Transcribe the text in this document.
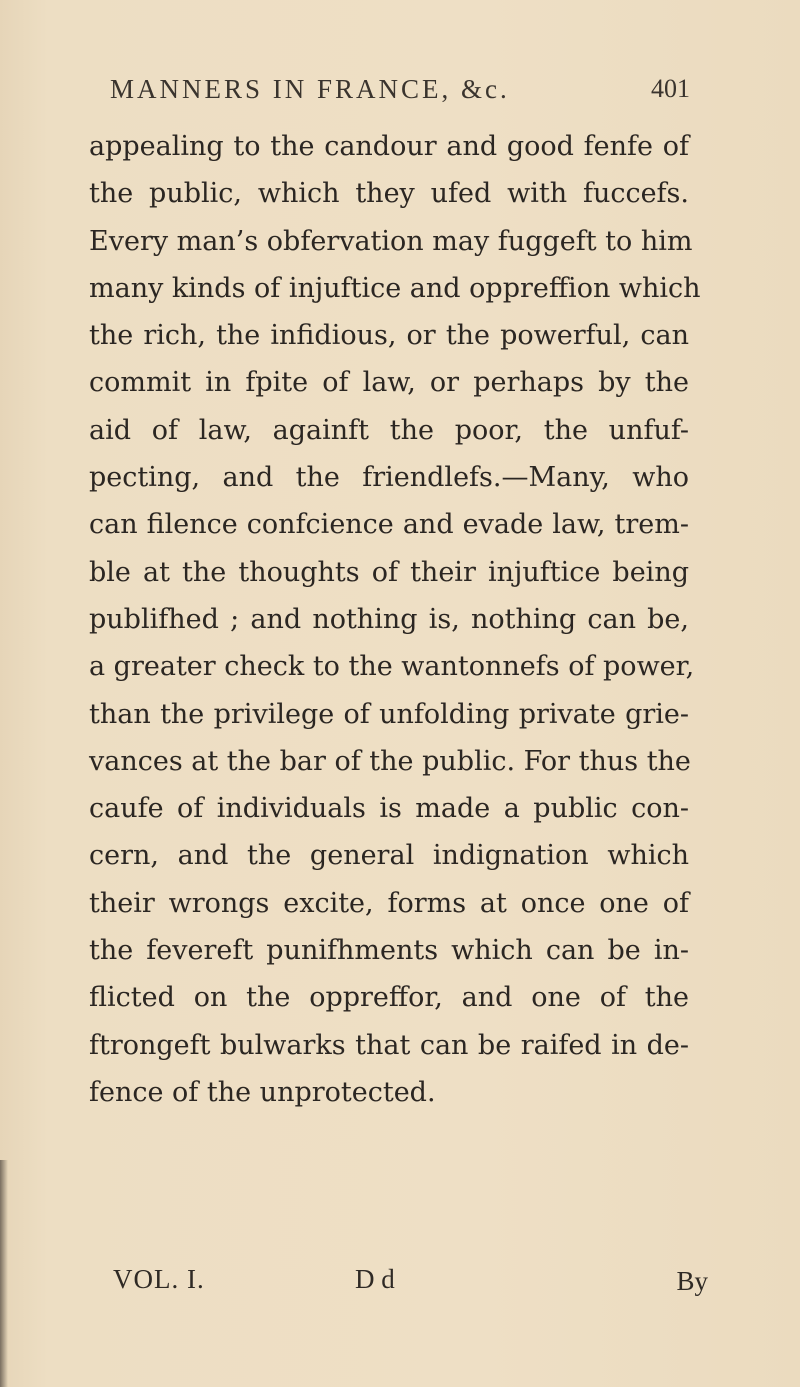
MANNERS IN FRANCE, &c.	401
appealing to the candour and good fenfe of
the public, which they ufed with fuccefs.
Every man’s obfervation may fuggeft to him
many kinds of injuftice and oppreffion which
the rich, the infidious, or the powerful, can
commit in fpite of law, or perhaps by the
aid of law, againft the poor, the unfuf-
pecting, and the friendlefs.—Many, who
can filence confcience and evade law, trem-
ble at the thoughts of their injuftice being
publifhed ; and nothing is, nothing can be,
a greater check to the wantonnefs of power,
than the privilege of unfolding private grie-
vances at the bar of the public. For thus the
caufe of individuals is made a public con-
cern, and the general indignation which
their wrongs excite, forms at once one of
the fevereft punifhments which can be in-
flicted on the oppreffor, and one of the
ftrongeft bulwarks that can be raifed in de-
fence of the unprotected.
VOL. I.	D d	By
